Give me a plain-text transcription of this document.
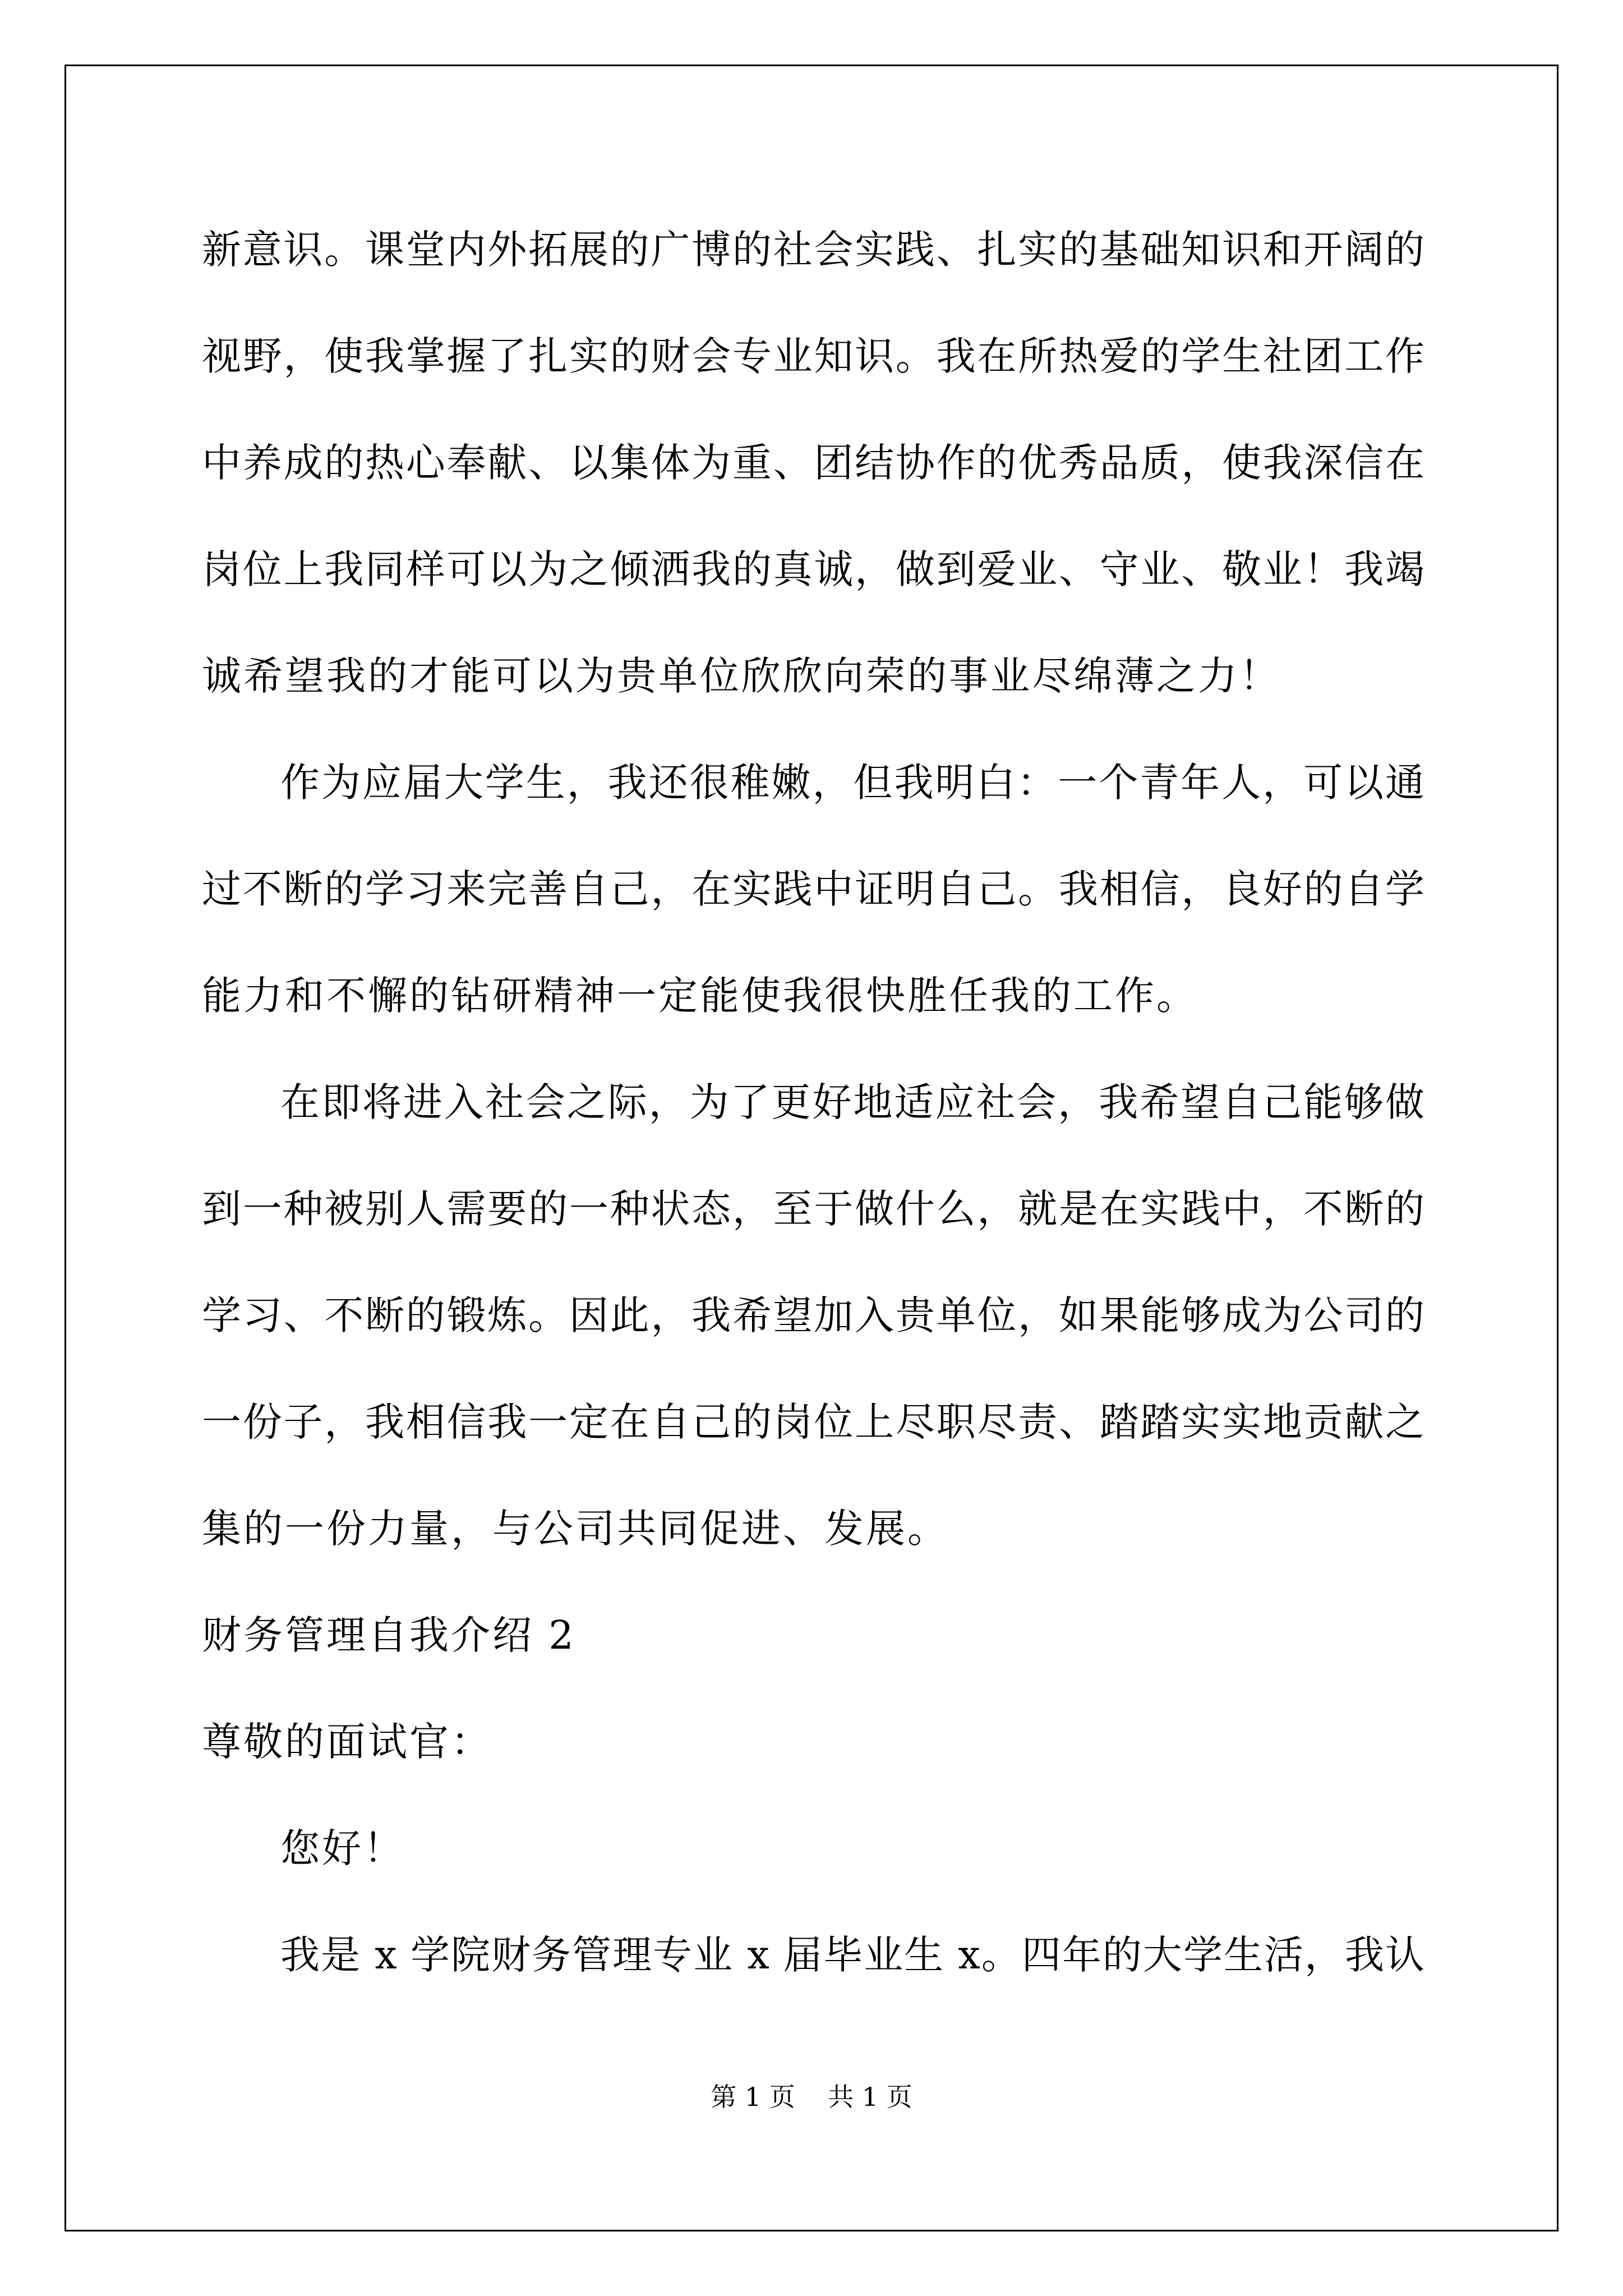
新意识。课堂内外拓展的广博的社会实践、扎实的基础知识和开阔的
视野，使我掌握了扎实的财会专业知识。我在所热爱的学生社团工作
中养成的热心奉献、以集体为重、团结协作的优秀品质，使我深信在
岗位上我同样可以为之倾洒我的真诚，做到爱业、守业、敬业！我竭
诚希望我的才能可以为贵单位欣欣向荣的事业尽绵薄之力！
作为应届大学生，我还很稚嫩，但我明白：一个青年人，可以通
过不断的学习来完善自己，在实践中证明自己。我相信，良好的自学
能力和不懈的钻研精神一定能使我很快胜任我的工作。
在即将进入社会之际，为了更好地适应社会，我希望自己能够做
到一种被别人需要的一种状态，至于做什么，就是在实践中，不断的
学习、不断的锻炼。因此，我希望加入贵单位，如果能够成为公司的
一份子，我相信我一定在自己的岗位上尽职尽责、踏踏实实地贡献之
集的一份力量，与公司共同促进、发展。
财务管理自我介绍 2
尊敬的面试官：
您好！
我是 x 学院财务管理专业 x 届毕业生 x。四年的大学生活，我认
第 1 页    共 1 页
